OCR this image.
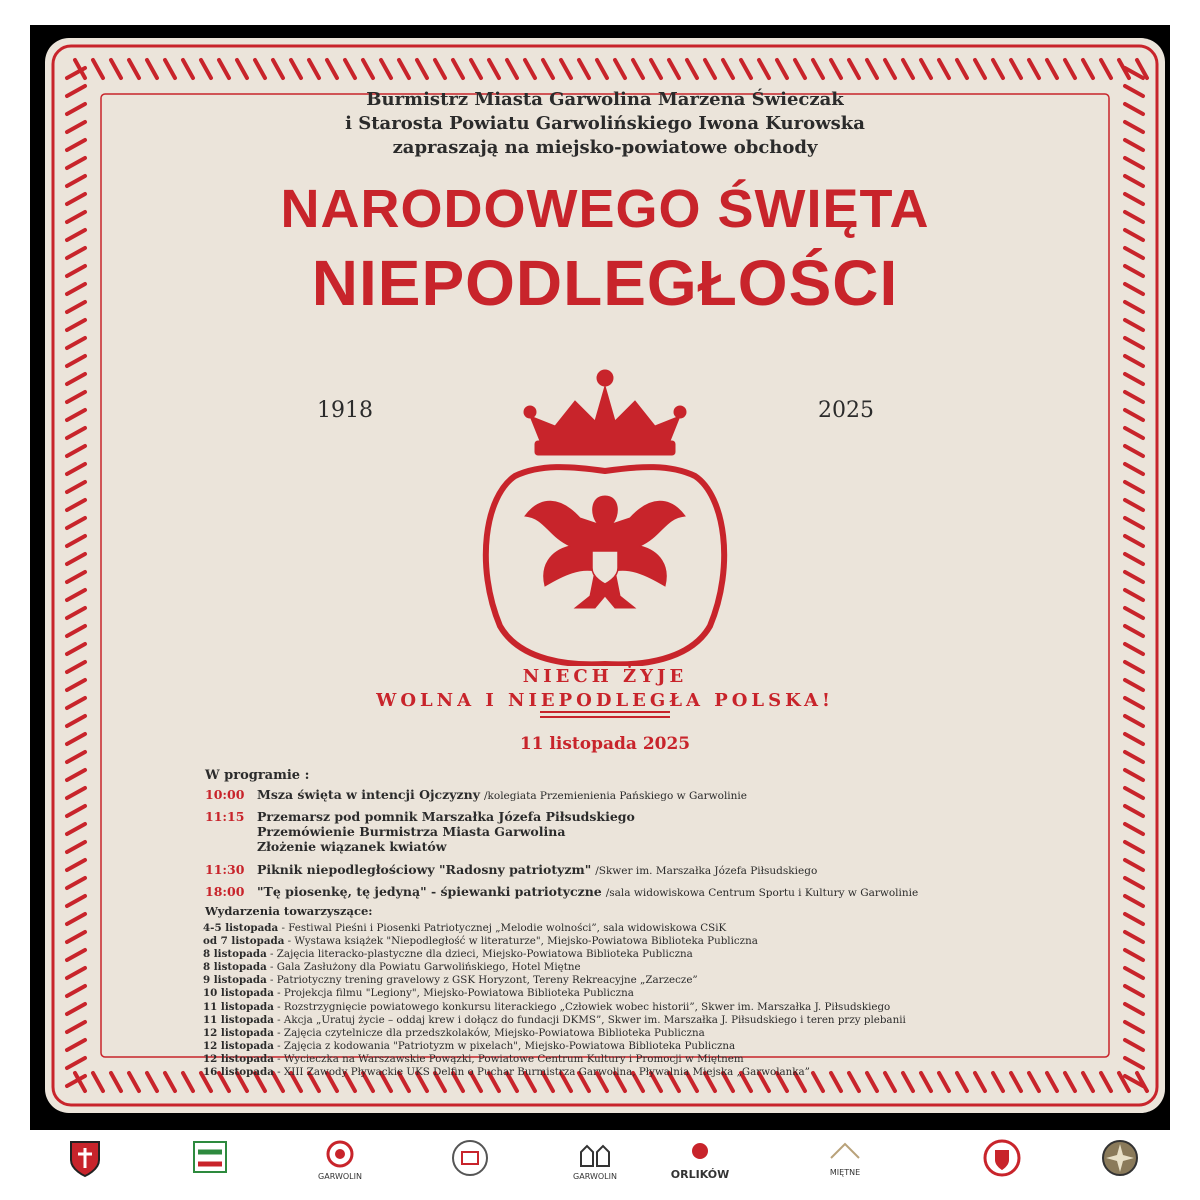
Burmistrz Miasta Garwolina Marzena Świeczak
i Starosta Powiatu Garwolińskiego Iwona Kurowska
zapraszają na miejsko-powiatowe obchody
NARODOWEGO ŚWIĘTA
NIEPODLEGŁOŚCI
1918	2025
NIECH ŻYJE
WOLNA I NIEPODLEGŁA POLSKA!
11 listopada 2025
W programie :
10:00 Msza święta w intencji Ojczyzny /kolegiata Przemienienia Pańskiego w Garwolinie
11:15 Przemarsz pod pomnik Marszałka Józefa Piłsudskiego
Przemówienie Burmistrza Miasta Garwolina
Złożenie wiązanek kwiatów
11:30 Piknik niepodległościowy "Radosny patriotyzm" /Skwer im. Marszałka Józefa Piłsudskiego
18:00 "Tę piosenkę, tę jedyną" - śpiewanki patriotyczne /sala widowiskowa Centrum Sportu i Kultury w Garwolinie
Wydarzenia towarzyszące:
4-5 listopada - Festiwal Pieśni i Piosenki Patriotycznej „Melodie wolności”, sala widowiskowa CSiK
od 7 listopada - Wystawa książek "Niepodległość w literaturze", Miejsko-Powiatowa Biblioteka Publiczna
8 listopada - Zajęcia literacko-plastyczne dla dzieci, Miejsko-Powiatowa Biblioteka Publiczna
8 listopada - Gala Zasłużony dla Powiatu Garwolińskiego, Hotel Miętne
9 listopada - Patriotyczny trening gravelowy z GSK Horyzont, Tereny Rekreacyjne „Zarzecze”
10 listopada - Projekcja filmu "Legiony", Miejsko-Powiatowa Biblioteka Publiczna
11 listopada - Rozstrzygnięcie powiatowego konkursu literackiego „Człowiek wobec historii”, Skwer im. Marszałka J. Piłsudskiego
11 listopada - Akcja „Uratuj życie – oddaj krew i dołącz do fundacji DKMS”, Skwer im. Marszałka J. Piłsudskiego i teren przy plebanii
12 listopada - Zajęcia czytelnicze dla przedszkolaków, Miejsko-Powiatowa Biblioteka Publiczna
12 listopada - Zajęcia z kodowania "Patriotyzm w pixelach", Miejsko-Powiatowa Biblioteka Publiczna
12 listopada - Wycieczka na Warszawskie Powązki, Powiatowe Centrum Kultury i Promocji w Miętnem
16 listopada - XIII Zawody Pływackie UKS Delfin o Puchar Burmistrza Garwolina, Pływalnia Miejska „Garwolanka”
GARWOLIN	GARWOLIN	ORLIKÓW	MIĘTNE
